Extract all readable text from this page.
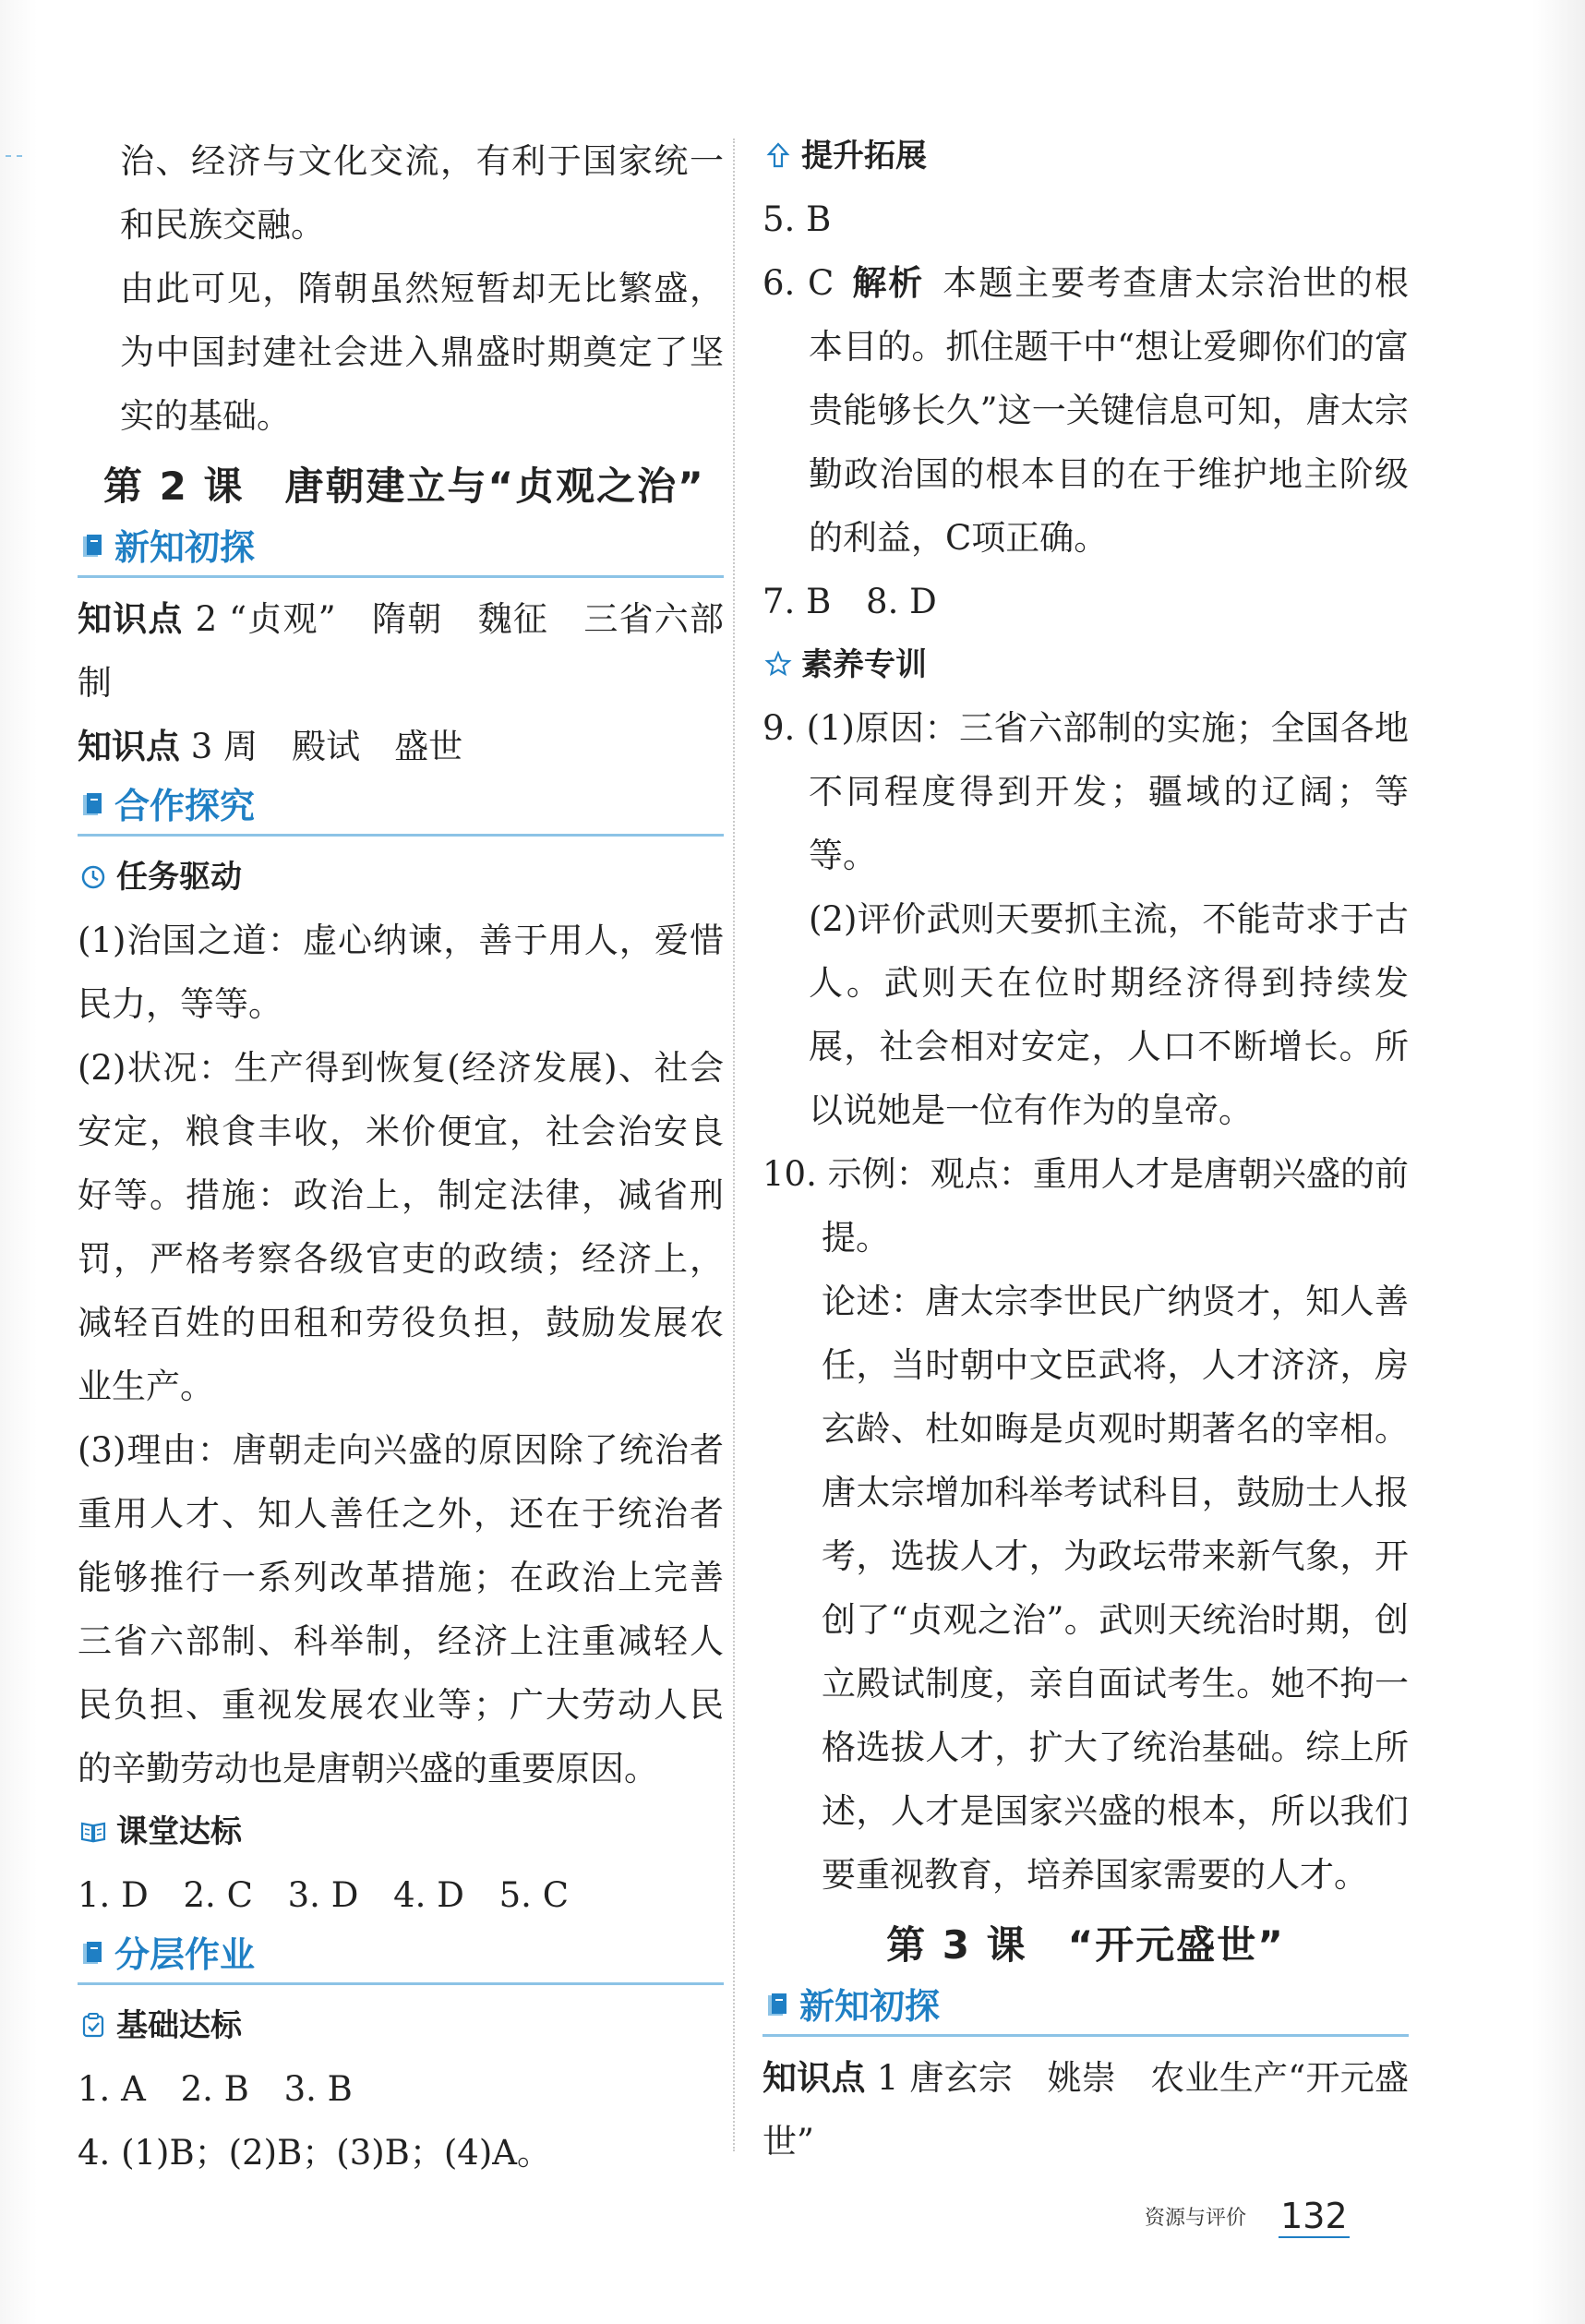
治、经济与文化交流，有利于国家统一和民族交融。

由此可见，隋朝虽然短暂却无比繁盛，为中国封建社会进入鼎盛时期奠定了坚实的基础。

第 2 课　唐朝建立与“贞观之治”
新知初探

知识点 2 “贞观”　隋朝　魏征　三省六部制

知识点 3 周　殿试　盛世

合作探究
任务驱动

(1)治国之道：虚心纳谏，善于用人，爱惜民力，等等。

(2)状况：生产得到恢复(经济发展)、社会安定，粮食丰收，米价便宜，社会治安良好等。措施：政治上，制定法律，减省刑罚，严格考察各级官吏的政绩；经济上，减轻百姓的田租和劳役负担，鼓励发展农业生产。

(3)理由：唐朝走向兴盛的原因除了统治者重用人才、知人善任之外，还在于统治者能够推行一系列改革措施；在政治上完善三省六部制、科举制，经济上注重减轻人民负担、重视发展农业等；广大劳动人民的辛勤劳动也是唐朝兴盛的重要原因。

课堂达标

1. D 2. C 3. D 4. D 5. C

分层作业
基础达标

1. A 2. B 3. B

4. (1)B；(2)B；(3)B；(4)A。

提升拓展

5. B

6. C 解析 本题主要考查唐太宗治世的根本目的。抓住题干中“想让爱卿你们的富贵能够长久”这一关键信息可知，唐太宗勤政治国的根本目的在于维护地主阶级的利益，C项正确。

7. B 8. D

素养专训

9. (1)原因：三省六部制的实施；全国各地不同程度得到开发；疆域的辽阔；等等。

(2)评价武则天要抓主流，不能苛求于古人。武则天在位时期经济得到持续发展，社会相对安定，人口不断增长。所以说她是一位有作为的皇帝。

10. 示例：观点：重用人才是唐朝兴盛的前提。

论述：唐太宗李世民广纳贤才，知人善任，当时朝中文臣武将，人才济济，房玄龄、杜如晦是贞观时期著名的宰相。唐太宗增加科举考试科目，鼓励士人报考，选拔人才，为政坛带来新气象，开创了“贞观之治”。武则天统治时期，创立殿试制度，亲自面试考生。她不拘一格选拔人才，扩大了统治基础。综上所述，人才是国家兴盛的根本，所以我们要重视教育，培养国家需要的人才。

第 3 课　“开元盛世”
新知初探

知识点 1 唐玄宗　姚崇　农业生产“开元盛世”

资源与评价 132
